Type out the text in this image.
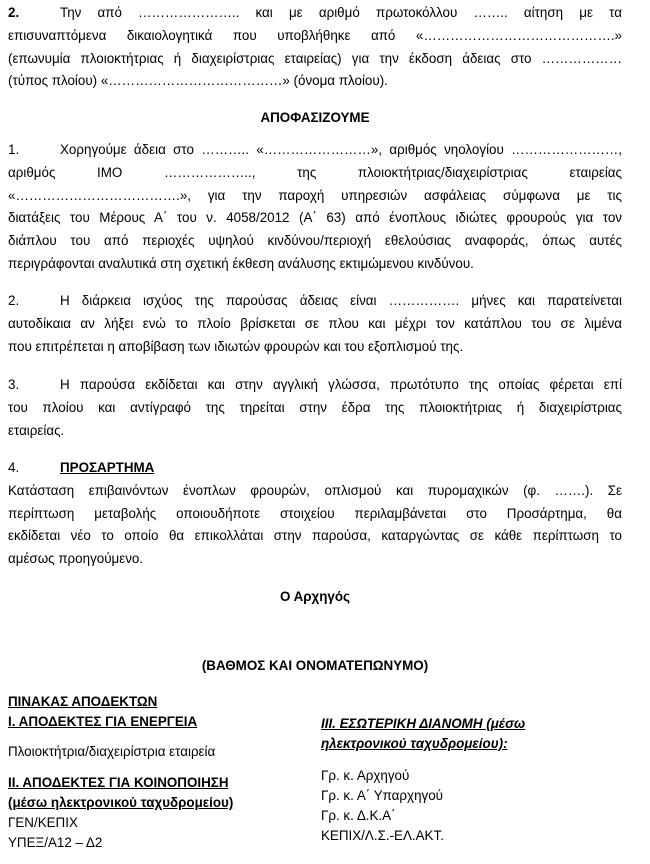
2.	Την από ………………….. και με αριθμό πρωτοκόλλου …….. αίτηση με τα
επισυναπτόμενα δικαιολογητικά που υποβλήθηκε από «…………………………………….»
(επωνυμία πλοιοκτήτριας ή διαχειρίστριας εταιρείας) για την έκδοση άδειας στο ………………
(τύπος πλοίου) «…………………………………» (όνομα πλοίου).
ΑΠΟΦΑΣΙΖΟΥΜΕ
1.	Χορηγούμε άδεια στο ……….. «……………………», αριθμός νηολογίου ……………………,
αριθμός ΙΜΟ ……………….., της πλοιοκτήτριας/διαχειρίστριας εταιρείας
«……………………………….», για την παροχή υπηρεσιών ασφάλειας σύμφωνα με τις
διατάξεις του Μέρους Α΄ του ν. 4058/2012 (Α΄ 63) από ένοπλους ιδιώτες φρουρούς για τον
διάπλου του από περιοχές υψηλού κινδύνου/περιοχή εθελούσιας αναφοράς, όπως αυτές
περιγράφονται αναλυτικά στη σχετική έκθεση ανάλυσης εκτιμώμενου κινδύνου.
2.	Η διάρκεια ισχύος της παρούσας άδειας είναι ……………. μήνες και παρατείνεται
αυτοδίκαια αν λήξει ενώ το πλοίο βρίσκεται σε πλου και μέχρι τον κατάπλου του σε λιμένα
που επιτρέπεται η αποβίβαση των ιδιωτών φρουρών και του εξοπλισμού της.
3.	Η παρούσα εκδίδεται και στην αγγλική γλώσσα, πρωτότυπο της οποίας φέρεται επί
του πλοίου και αντίγραφό της τηρείται στην έδρα της πλοιοκτήτριας ή διαχειρίστριας
εταιρείας.
4.	ΠΡΟΣΑΡΤΗΜΑ
Κατάσταση επιβαινόντων ένοπλων φρουρών, οπλισμού και πυρομαχικών (φ. …….). Σε
περίπτωση μεταβολής οποιουδήποτε στοιχείου περιλαμβάνεται στο Προσάρτημα, θα
εκδίδεται νέο το οποίο θα επικολλάται στην παρούσα, καταργώντας σε κάθε περίπτωση το
αμέσως προηγούμενο.
Ο Αρχηγός
(ΒΑΘΜΟΣ ΚΑΙ ΟΝΟΜΑΤΕΠΩΝΥΜΟ)
ΠΙΝΑΚΑΣ ΑΠΟΔΕΚΤΩΝ
Ι. ΑΠΟΔΕΚΤΕΣ ΓΙΑ ΕΝΕΡΓΕΙΑ
Πλοιοκτήτρια/διαχειρίστρια εταιρεία
ΙΙ. ΑΠΟΔΕΚΤΕΣ ΓΙΑ ΚΟΙΝΟΠΟΙΗΣΗ
(μέσω ηλεκτρονικού ταχυδρομείου)
ΓΕΝ/ΚΕΠΙΧ
ΥΠΕΞ/Α12 – Δ2
ΙΙΙ. ΕΣΩΤΕΡΙΚΗ ΔΙΑΝΟΜΗ (μέσω
ηλεκτρονικού ταχυδρομείου):
Γρ. κ. Αρχηγού
Γρ. κ. Α΄ Υπαρχηγού
Γρ. κ. Δ.Κ.Α΄
ΚΕΠΙΧ/Λ.Σ.-ΕΛ.ΑΚΤ.
